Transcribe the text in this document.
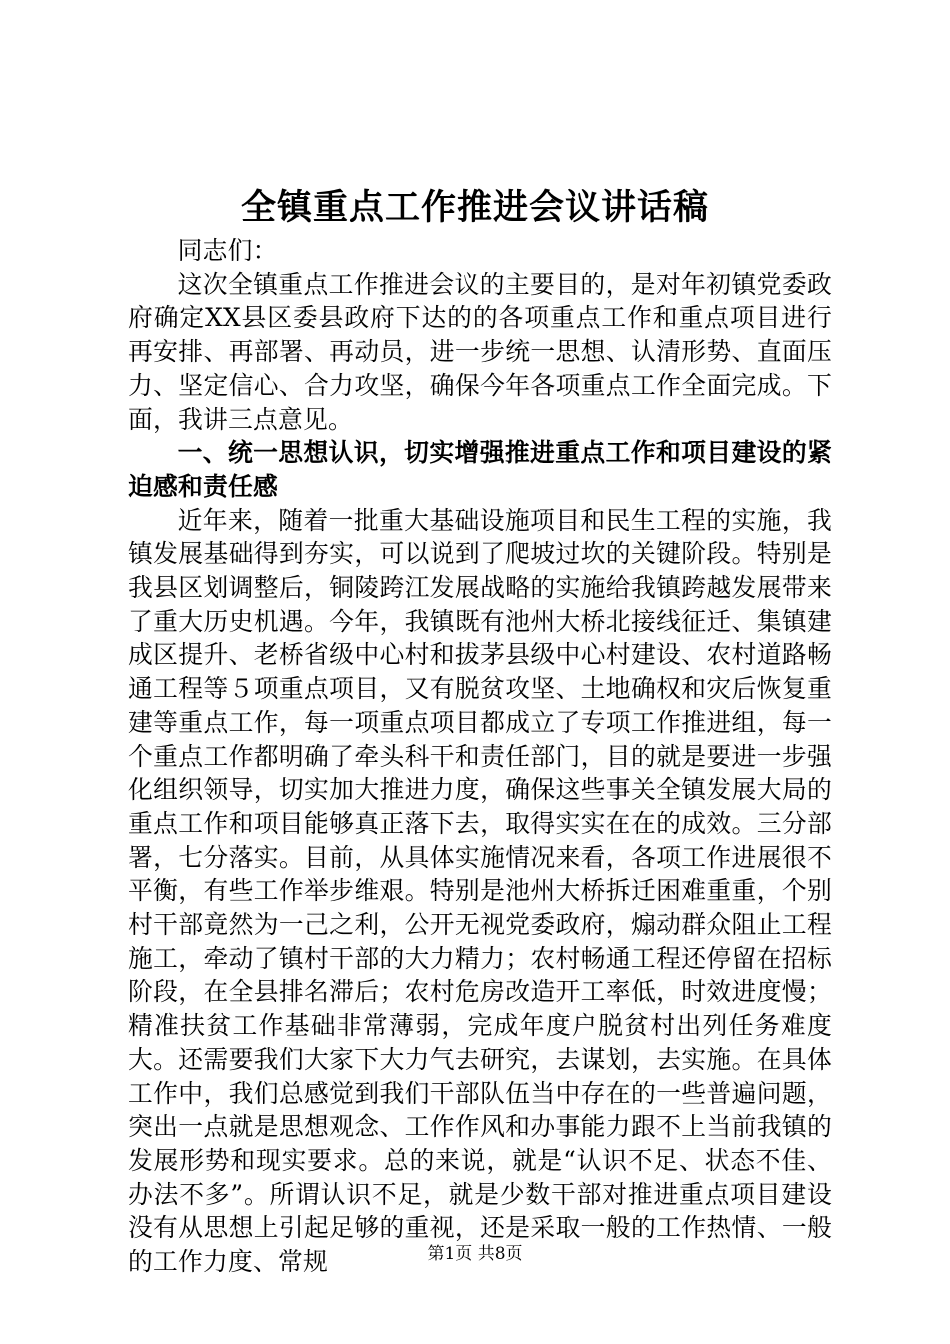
全镇重点工作推进会议讲话稿

同志们：

这次全镇重点工作推进会议的主要目的，是对年初镇党委政府确定XX县区委县政府下达的的各项重点工作和重点项目进行再安排、再部署、再动员，进一步统一思想、认清形势、直面压力、坚定信心、合力攻坚，确保今年各项重点工作全面完成。下面，我讲三点意见。

一、统一思想认识，切实增强推进重点工作和项目建设的紧迫感和责任感

近年来，随着一批重大基础设施项目和民生工程的实施，我镇发展基础得到夯实，可以说到了爬坡过坎的关键阶段。特别是我县区划调整后，铜陵跨江发展战略的实施给我镇跨越发展带来了重大历史机遇。今年，我镇既有池州大桥北接线征迁、集镇建成区提升、老桥省级中心村和拔茅县级中心村建设、农村道路畅通工程等５项重点项目，又有脱贫攻坚、土地确权和灾后恢复重建等重点工作，每一项重点项目都成立了专项工作推进组，每一个重点工作都明确了牵头科干和责任部门，目的就是要进一步强化组织领导，切实加大推进力度，确保这些事关全镇发展大局的重点工作和项目能够真正落下去，取得实实在在的成效。三分部署，七分落实。目前，从具体实施情况来看，各项工作进展很不平衡，有些工作举步维艰。特别是池州大桥拆迁困难重重，个别村干部竟然为一己之利，公开无视党委政府，煽动群众阻止工程施工，牵动了镇村干部的大力精力；农村畅通工程还停留在招标阶段，在全县排名滞后；农村危房改造开工率低，时效进度慢；精准扶贫工作基础非常薄弱，完成年度户脱贫村出列任务难度大。还需要我们大家下大力气去研究，去谋划，去实施。在具体工作中，我们总感觉到我们干部队伍当中存在的一些普遍问题，突出一点就是思想观念、工作作风和办事能力跟不上当前我镇的发展形势和现实要求。总的来说，就是“认识不足、状态不佳、办法不多”。所谓认识不足，就是少数干部对推进重点项目建设没有从思想上引起足够的重视，还是采取一般的工作热情、一般的工作力度、常规	第1页 共8页
